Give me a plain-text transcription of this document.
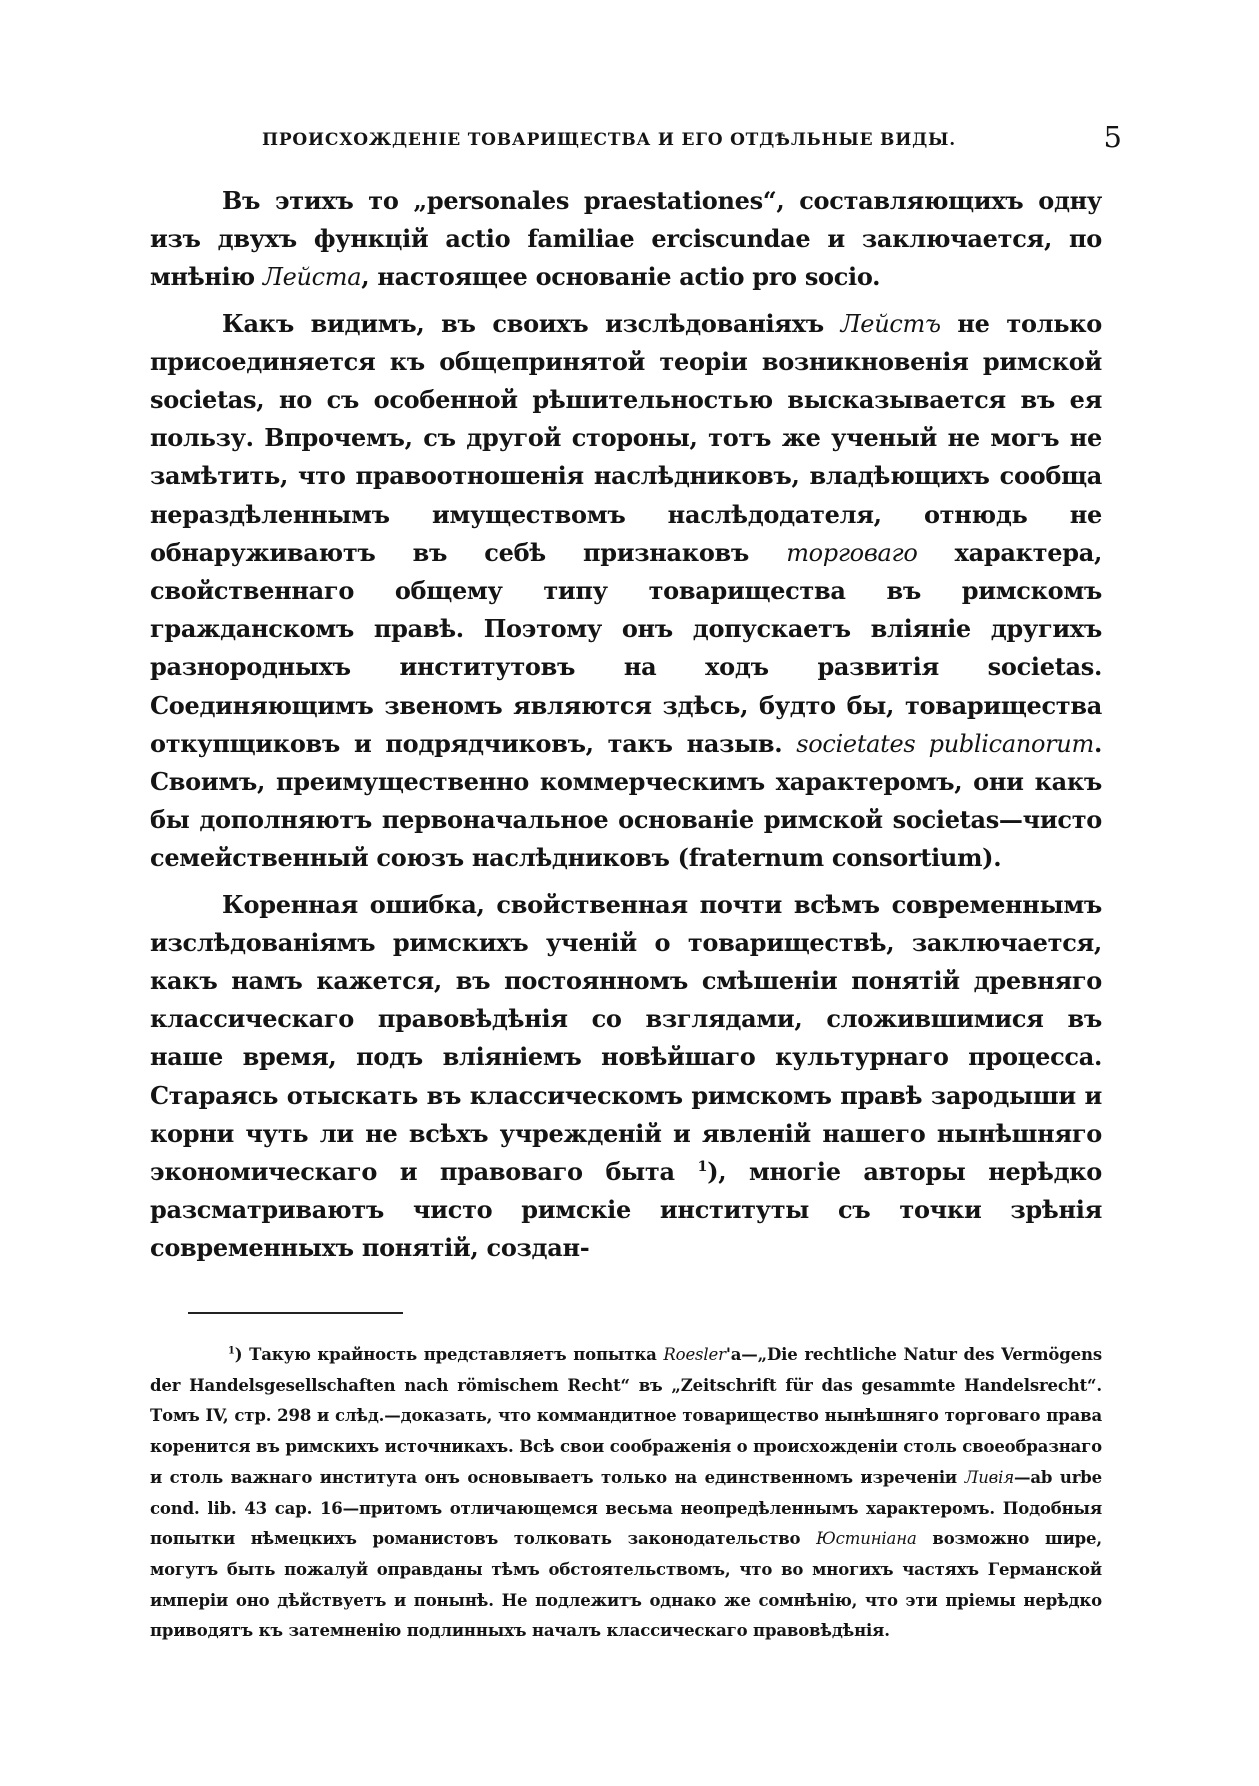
ПРОИСХОЖДЕНІЕ ТОВАРИЩЕСТВА И ЕГО ОТДѢЛЬНЫЕ ВИДЫ.	5

Въ этихъ то „personales praestationes“, составляющихъ одну изъ двухъ функцій actio familiae erciscundae и заключается, по мнѣнію Лейста, настоящее основаніе actio pro socio.

Какъ видимъ, въ своихъ изслѣдованіяхъ Лейстъ не только присоединяется къ общепринятой теоріи возникновенія римской societas, но съ особенной рѣшительностью высказывается въ ея пользу. Впрочемъ, съ другой стороны, тотъ же ученый не могъ не замѣтить, что правоотношенія наслѣдниковъ, владѣющихъ сообща нераздѣленнымъ имуществомъ наслѣдодателя, отнюдь не обнаруживаютъ въ себѣ признаковъ торговаго характера, свойственнаго общему типу товарищества въ римскомъ гражданскомъ правѣ. Поэтому онъ допускаетъ вліяніе другихъ разнородныхъ институтовъ на ходъ развитія societas. Соединяющимъ звеномъ являются здѣсь, будто бы, товарищества откупщиковъ и подрядчиковъ, такъ назыв. societates publicanorum. Своимъ, преимущественно коммерческимъ характеромъ, они какъ бы дополняютъ первоначальное основаніе римской societas—чисто семейственный союзъ наслѣдниковъ (fraternum consortium).

Коренная ошибка, свойственная почти всѣмъ современнымъ изслѣдованіямъ римскихъ ученій о товариществѣ, заключается, какъ намъ кажется, въ постоянномъ смѣшеніи понятій древняго классическаго правовѣдѣнія со взглядами, сложившимися въ наше время, подъ вліяніемъ новѣйшаго культурнаго процесса. Стараясь отыскать въ классическомъ римскомъ правѣ зародыши и корни чуть ли не всѣхъ учрежденій и явленій нашего нынѣшняго экономическаго и правоваго быта $^1$), многіе авторы нерѣдко разсматриваютъ чисто римскіе институты съ точки зрѣнія современныхъ понятій, создан-

$^1$) Такую крайность представляетъ попытка Roesler'а—„Die rechtliche Natur des Vermögens der Handelsgesellschaften nach römischem Recht“ въ „Zeitschrift für das gesammte Handelsrecht“. Томъ IV, стр. 298 и слѣд.—доказать, что коммандитное товарищество нынѣшняго торговаго права коренится въ римскихъ источникахъ. Всѣ свои соображенія о происхожденіи столь своеобразнаго и столь важнаго института онъ основываетъ только на единственномъ изреченіи Ливія—ab urbe cond. lib. 43 cap. 16—притомъ отличающемся весьма неопредѣленнымъ характеромъ. Подобныя попытки нѣмецкихъ романистовъ толковать законодательство Юстиніана возможно шире, могутъ быть пожалуй оправданы тѣмъ обстоятельствомъ, что во многихъ частяхъ Германской имперіи оно дѣйствуетъ и понынѣ. Не подлежитъ однако же сомнѣнію, что эти пріемы нерѣдко приводятъ къ затемненію подлинныхъ началъ классическаго правовѣдѣнія.
